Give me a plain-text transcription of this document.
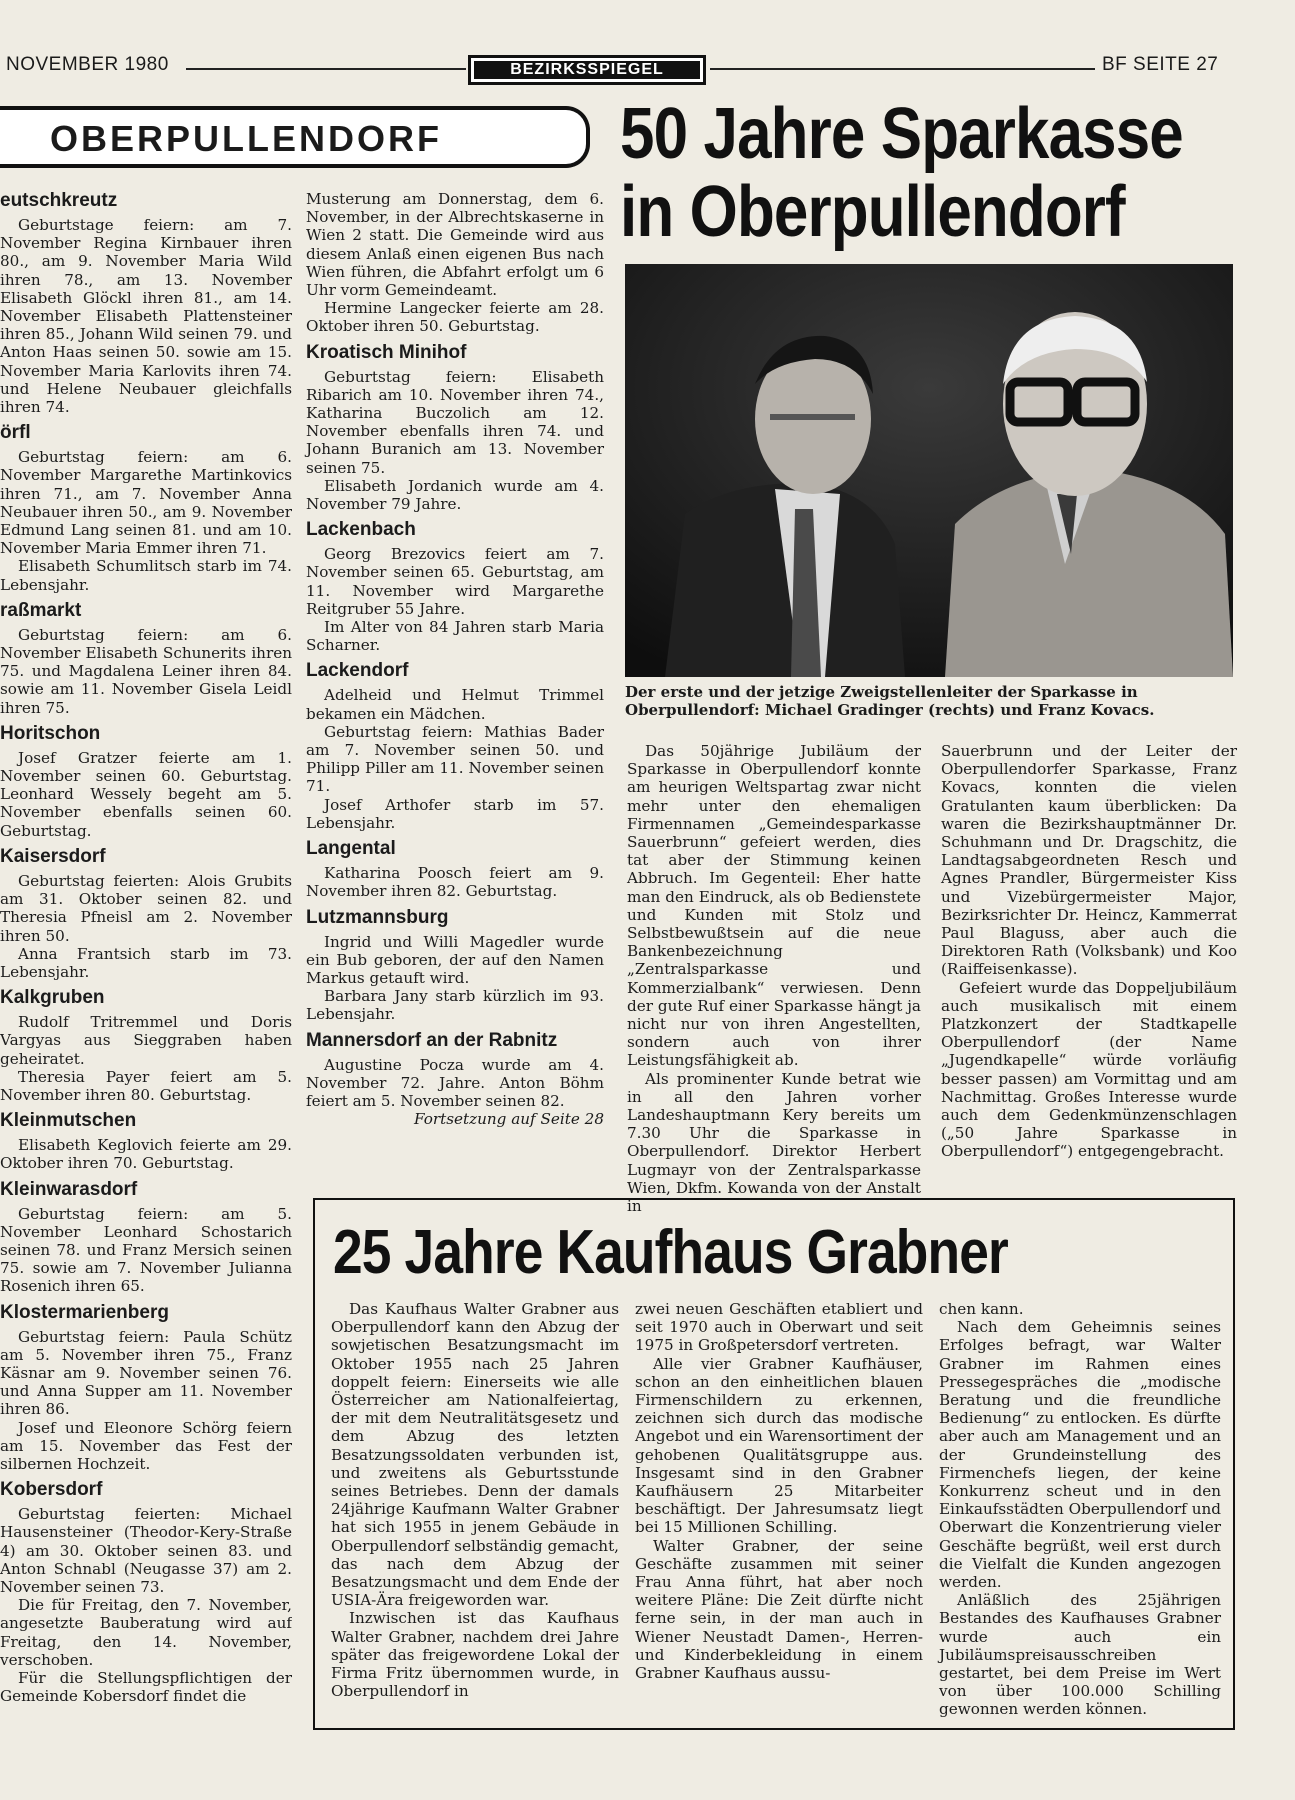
NOVEMBER 1980	BEZIRKSSPIEGEL	BF SEITE 27
OBERPULLENDORF 50 Jahre Sparkasse
in Oberpullendorf
Der erste und der jetzige Zweigstellenleiter der Sparkasse in Oberpullendorf: Michael Gradinger (rechts) und Franz Kovacs.

Das 50jährige Jubiläum der Sparkasse in Oberpullendorf konnte am heurigen Weltspartag zwar nicht mehr unter den ehemaligen Firmennamen „Gemeindesparkasse Sauerbrunn“ gefeiert werden, dies tat aber der Stimmung keinen Abbruch. Im Gegenteil: Eher hatte man den Eindruck, als ob Bedienstete und Kunden mit Stolz und Selbstbewußtsein auf die neue Bankenbezeichnung „Zentralsparkasse und Kommerzialbank“ verwiesen. Denn der gute Ruf einer Sparkasse hängt ja nicht nur von ihren Angestellten, sondern auch von ihrer Leistungsfähigkeit ab.

Als prominenter Kunde betrat wie in all den Jahren vorher Landeshauptmann Kery bereits um 7.30 Uhr die Sparkasse in Oberpullendorf. Direktor Herbert Lugmayr von der Zentralsparkasse Wien, Dkfm. Kowanda von der Anstalt in

Sauerbrunn und der Leiter der Oberpullendorfer Sparkasse, Franz Kovacs, konnten die vielen Gratulanten kaum überblicken: Da waren die Bezirkshauptmänner Dr. Schuhmann und Dr. Dragschitz, die Landtagsabgeordneten Resch und Agnes Prandler, Bürgermeister Kiss und Vizebürgermeister Major, Bezirksrichter Dr. Heincz, Kammerrat Paul Blaguss, aber auch die Direktoren Rath (Volksbank) und Koo (Raiffeisenkasse).

Gefeiert wurde das Doppeljubiläum auch musikalisch mit einem Platzkonzert der Stadtkapelle Oberpullendorf (der Name „Jugendkapelle“ würde vorläufig besser passen) am Vormittag und am Nachmittag. Großes Interesse wurde auch dem Gedenkmünzenschlagen („50 Jahre Sparkasse in Oberpullendorf“) entgegengebracht.

eutschkreutz

Geburtstage feiern: am 7. November Regina Kirnbauer ihren 80., am 9. November Maria Wild ihren 78., am 13. November Elisabeth Glöckl ihren 81., am 14. November Elisabeth Plattensteiner ihren 85., Johann Wild seinen 79. und Anton Haas seinen 50. sowie am 15. November Maria Karlovits ihren 74. und Helene Neubauer gleichfalls ihren 74.

örfl

Geburtstag feiern: am 6. November Margarethe Martinkovics ihren 71., am 7. November Anna Neubauer ihren 50., am 9. November Edmund Lang seinen 81. und am 10. November Maria Emmer ihren 71.

Elisabeth Schumlitsch starb im 74. Lebensjahr.

raßmarkt

Geburtstag feiern: am 6. November Elisabeth Schunerits ihren 75. und Magdalena Leiner ihren 84. sowie am 11. November Gisela Leidl ihren 75.

Horitschon

Josef Gratzer feierte am 1. November seinen 60. Geburtstag. Leonhard Wessely begeht am 5. November ebenfalls seinen 60. Geburtstag.

Kaisersdorf

Geburtstag feierten: Alois Grubits am 31. Oktober seinen 82. und Theresia Pfneisl am 2. November ihren 50.

Anna Frantsich starb im 73. Lebensjahr.

Kalkgruben

Rudolf Tritremmel und Doris Vargyas aus Sieggraben haben geheiratet.

Theresia Payer feiert am 5. November ihren 80. Geburtstag.

Kleinmutschen

Elisabeth Keglovich feierte am 29. Oktober ihren 70. Geburtstag.

Kleinwarasdorf

Geburtstag feiern: am 5. November Leonhard Schostarich seinen 78. und Franz Mersich seinen 75. sowie am 7. November Julianna Rosenich ihren 65.

Klostermarienberg

Geburtstag feiern: Paula Schütz am 5. November ihren 75., Franz Käsnar am 9. November seinen 76. und Anna Supper am 11. November ihren 86.

Josef und Eleonore Schörg feiern am 15. November das Fest der silbernen Hochzeit.

Kobersdorf

Geburtstag feierten: Michael Hausensteiner (Theodor-Kery-Straße 4) am 30. Oktober seinen 83. und Anton Schnabl (Neugasse 37) am 2. November seinen 73.

Die für Freitag, den 7. November, angesetzte Bauberatung wird auf Freitag, den 14. November, verschoben.

Für die Stellungspflichtigen der Gemeinde Kobersdorf findet die

Musterung am Donnerstag, dem 6. November, in der Albrechtskaserne in Wien 2 statt. Die Gemeinde wird aus diesem Anlaß einen eigenen Bus nach Wien führen, die Abfahrt erfolgt um 6 Uhr vorm Gemeindeamt.

Hermine Langecker feierte am 28. Oktober ihren 50. Geburtstag.

Kroatisch Minihof

Geburtstag feiern: Elisabeth Ribarich am 10. November ihren 74., Katharina Buczolich am 12. November ebenfalls ihren 74. und Johann Buranich am 13. November seinen 75.

Elisabeth Jordanich wurde am 4. November 79 Jahre.

Lackenbach

Georg Brezovics feiert am 7. November seinen 65. Geburtstag, am 11. November wird Margarethe Reitgruber 55 Jahre.

Im Alter von 84 Jahren starb Maria Scharner.

Lackendorf

Adelheid und Helmut Trimmel bekamen ein Mädchen.

Geburtstag feiern: Mathias Bader am 7. November seinen 50. und Philipp Piller am 11. November seinen 71.

Josef Arthofer starb im 57. Lebensjahr.

Langental

Katharina Poosch feiert am 9. November ihren 82. Geburtstag.

Lutzmannsburg

Ingrid und Willi Magedler wurde ein Bub geboren, der auf den Namen Markus getauft wird.

Barbara Jany starb kürzlich im 93. Lebensjahr.

Mannersdorf an der Rabnitz

Augustine Pocza wurde am 4. November 72. Jahre. Anton Böhm feiert am 5. November seinen 82.

Fortsetzung auf Seite 28

25 Jahre Kaufhaus Grabner

Das Kaufhaus Walter Grabner aus Oberpullendorf kann den Abzug der sowjetischen Besatzungsmacht im Oktober 1955 nach 25 Jahren doppelt feiern: Einerseits wie alle Österreicher am Nationalfeiertag, der mit dem Neutralitätsgesetz und dem Abzug des letzten Besatzungssoldaten verbunden ist, und zweitens als Geburtsstunde seines Betriebes. Denn der damals 24jährige Kaufmann Walter Grabner hat sich 1955 in jenem Gebäude in Oberpullendorf selbständig gemacht, das nach dem Abzug der Besatzungsmacht und dem Ende der USIA-Ära freigeworden war.

Inzwischen ist das Kaufhaus Walter Grabner, nachdem drei Jahre später das freigewordene Lokal der Firma Fritz übernommen wurde, in Oberpullendorf in

zwei neuen Geschäften etabliert und seit 1970 auch in Oberwart und seit 1975 in Großpetersdorf vertreten.

Alle vier Grabner Kaufhäuser, schon an den einheitlichen blauen Firmenschildern zu erkennen, zeichnen sich durch das modische Angebot und ein Warensortiment der gehobenen Qualitätsgruppe aus. Insgesamt sind in den Grabner Kaufhäusern 25 Mitarbeiter beschäftigt. Der Jahresumsatz liegt bei 15 Millionen Schilling.

Walter Grabner, der seine Geschäfte zusammen mit seiner Frau Anna führt, hat aber noch weitere Pläne: Die Zeit dürfte nicht ferne sein, in der man auch in Wiener Neustadt Damen-, Herren- und Kinderbekleidung in einem Grabner Kaufhaus aussu-

chen kann.

Nach dem Geheimnis seines Erfolges befragt, war Walter Grabner im Rahmen eines Pressegespräches die „modische Beratung und die freundliche Bedienung“ zu entlocken. Es dürfte aber auch am Management und an der Grundeinstellung des Firmenchefs liegen, der keine Konkurrenz scheut und in den Einkaufsstädten Oberpullendorf und Oberwart die Konzentrierung vieler Geschäfte begrüßt, weil erst durch die Vielfalt die Kunden angezogen werden.

Anläßlich des 25jährigen Bestandes des Kaufhauses Grabner wurde auch ein Jubiläumspreisausschreiben gestartet, bei dem Preise im Wert von über 100.000 Schilling gewonnen werden können.
